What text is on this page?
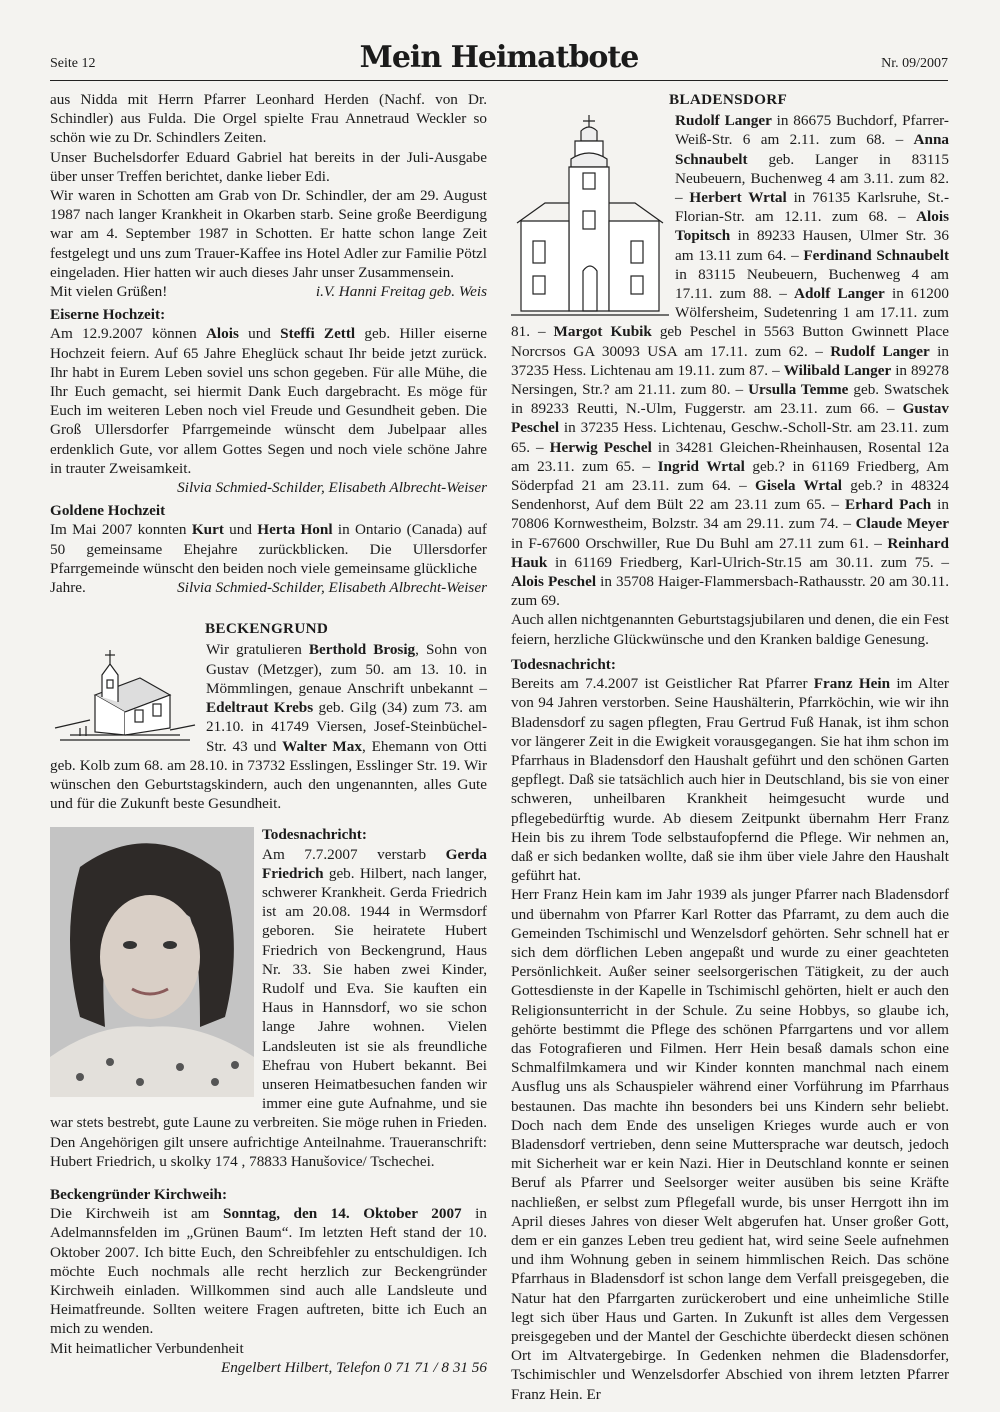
Seite 12	Mein Heimatbote	Nr. 09/2007

aus Nidda mit Herrn Pfarrer Leonhard Herden (Nachf. von Dr. Schindler) aus Fulda. Die Orgel spielte Frau Annetraud Weckler so schön wie zu Dr. Schindlers Zeiten.

Unser Buchelsdorfer Eduard Gabriel hat bereits in der Juli-Ausgabe über unser Treffen berichtet, danke lieber Edi.

Wir waren in Schotten am Grab von Dr. Schindler, der am 29. August 1987 nach langer Krankheit in Okarben starb. Seine große Beerdigung war am 4. September 1987 in Schotten. Er hatte schon lange Zeit festgelegt und uns zum Trauer-Kaffee ins Hotel Adler zur Familie Pötzl eingeladen. Hier hatten wir auch dieses Jahr unser Zusammensein.

Mit vielen Grüßen!	i.V. Hanni Freitag geb. Weis

Eiserne Hochzeit:

Am 12.9.2007 können Alois und Steffi Zettl geb. Hiller eiserne Hochzeit feiern. Auf 65 Jahre Eheglück schaut Ihr beide jetzt zurück. Ihr habt in Eurem Leben soviel uns schon gegeben. Für alle Mühe, die Ihr Euch gemacht, sei hiermit Dank Euch dargebracht. Es möge für Euch im weiteren Leben noch viel Freude und Gesundheit geben. Die Groß Ullersdorfer Pfarrgemeinde wünscht dem Jubelpaar alles erdenklich Gute, vor allem Gottes Segen und noch viele schöne Jahre in trauter Zweisamkeit.

Silvia Schmied-Schilder, Elisabeth Albrecht-Weiser

Goldene Hochzeit

Im Mai 2007 konnten Kurt und Herta Honl in Ontario (Canada) auf 50 gemeinsame Ehejahre zurückblicken. Die Ullersdorfer Pfarrgemeinde wünscht den beiden noch viele gemeinsame glückliche

Jahre.	Silvia Schmied-Schilder, Elisabeth Albrecht-Weiser

BECKENGRUND

Wir gratulieren Berthold Brosig, Sohn von Gustav (Metzger), zum 50. am 13. 10. in Mömmlingen, genaue Anschrift unbekannt – Edeltraut Krebs geb. Gilg (34) zum 73. am 21.10. in 41749 Viersen, Josef-Steinbüchel-Str. 43 und Walter Max, Ehemann von Otti geb. Kolb zum 68. am 28.10. in 73732 Esslingen, Esslinger Str. 19. Wir wünschen den Geburtstagskindern, auch den ungenannten, alles Gute und für die Zukunft beste Gesundheit.

Todesnachricht:

Am 7.7.2007 verstarb Gerda Friedrich geb. Hilbert, nach langer, schwerer Krankheit. Gerda Friedrich ist am 20.08. 1944 in Wermsdorf geboren. Sie heiratete Hubert Friedrich von Beckengrund, Haus Nr. 33. Sie haben zwei Kinder, Rudolf und Eva. Sie kauften ein Haus in Hannsdorf, wo sie schon lange Jahre wohnen. Vielen Landsleuten ist sie als freundliche Ehefrau von Hubert bekannt. Bei unseren Heimatbesuchen fanden wir immer eine gute Aufnahme, und sie war stets bestrebt, gute Laune zu verbreiten. Sie möge ruhen in Frieden. Den Angehörigen gilt unsere aufrichtige Anteilnahme. Traueranschrift: Hubert Friedrich, u skolky 174 , 78833 Hanušovice/ Tschechei.

Beckengründer Kirchweih:

Die Kirchweih ist am Sonntag, den 14. Oktober 2007 in Adelmannsfelden im „Grünen Baum“. Im letzten Heft stand der 10. Oktober 2007. Ich bitte Euch, den Schreibfehler zu entschuldigen. Ich möchte Euch nochmals alle recht herzlich zur Beckengründer Kirchweih einladen. Willkommen sind auch alle Landsleute und Heimatfreunde. Sollten weitere Fragen auftreten, bitte ich Euch an mich zu wenden.

Mit heimatlicher Verbundenheit

Engelbert Hilbert, Telefon 0 71 71 / 8 31 56

BLADENSDORF

Rudolf Langer in 86675 Buchdorf, Pfarrer-Weiß-Str. 6 am 2.11. zum 68. – Anna Schnaubelt geb. Langer in 83115 Neubeuern, Buchenweg 4 am 3.11. zum 82. – Herbert Wrtal in 76135 Karlsruhe, St.-Florian-Str. am 12.11. zum 68. – Alois Topitsch in 89233 Hausen, Ulmer Str. 36 am 13.11 zum 64. – Ferdinand Schnaubelt in 83115 Neubeuern, Buchenweg 4 am 17.11. zum 88. – Adolf Langer in 61200 Wölfersheim, Sudetenring 1 am 17.11. zum 81. – Margot Kubik geb Peschel in 5563 Button Gwinnett Place Norcrsos GA 30093 USA am 17.11. zum 62. – Rudolf Langer in 37235 Hess. Lichtenau am 19.11. zum 87. – Wilibald Langer in 89278 Nersingen, Str.? am 21.11. zum 80. – Ursulla Temme geb. Swatschek in 89233 Reutti, N.-Ulm, Fuggerstr. am 23.11. zum 66. – Gustav Peschel in 37235 Hess. Lichtenau, Geschw.-Scholl-Str. am 23.11. zum 65. – Herwig Peschel in 34281 Gleichen-Rheinhausen, Rosental 12a am 23.11. zum 65. – Ingrid Wrtal geb.? in 61169 Friedberg, Am Söderpfad 21 am 23.11. zum 64. – Gisela Wrtal geb.? in 48324 Sendenhorst, Auf dem Bült 22 am 23.11 zum 65. – Erhard Pach in 70806 Kornwestheim, Bolzstr. 34 am 29.11. zum 74. – Claude Meyer in F-67600 Orschwiller, Rue Du Buhl am 27.11 zum 61. – Reinhard Hauk in 61169 Friedberg, Karl-Ulrich-Str.15 am 30.11. zum 75. – Alois Peschel in 35708 Haiger-Flammersbach-Rathausstr. 20 am 30.11. zum 69.

Auch allen nichtgenannten Geburtstagsjubilaren und denen, die ein Fest feiern, herzliche Glückwünsche und den Kranken baldige Genesung.

Todesnachricht:

Bereits am 7.4.2007 ist Geistlicher Rat Pfarrer Franz Hein im Alter von 94 Jahren verstorben. Seine Haushälterin, Pfarrköchin, wie wir ihn Bladensdorf zu sagen pflegten, Frau Gertrud Fuß Hanak, ist ihm schon vor längerer Zeit in die Ewigkeit vorausgegangen. Sie hat ihm schon im Pfarrhaus in Bladensdorf den Haushalt geführt und den schönen Garten gepflegt. Daß sie tatsächlich auch hier in Deutschland, bis sie von einer schweren, unheilbaren Krankheit heimgesucht wurde und pflegebedürftig wurde. Ab diesem Zeitpunkt übernahm Herr Franz Hein bis zu ihrem Tode selbstaufopfernd die Pflege. Wir nehmen an, daß er sich bedanken wollte, daß sie ihm über viele Jahre den Haushalt geführt hat.

Herr Franz Hein kam im Jahr 1939 als junger Pfarrer nach Bladensdorf und übernahm von Pfarrer Karl Rotter das Pfarramt, zu dem auch die Gemeinden Tschimischl und Wenzelsdorf gehörten. Sehr schnell hat er sich dem dörflichen Leben angepaßt und wurde zu einer geachteten Persönlichkeit. Außer seiner seelsorgerischen Tätigkeit, zu der auch Gottesdienste in der Kapelle in Tschimischl gehörten, hielt er auch den Religionsunterricht in der Schule. Zu seine Hobbys, so glaube ich, gehörte bestimmt die Pflege des schönen Pfarrgartens und vor allem das Fotografieren und Filmen. Herr Hein besaß damals schon eine Schmalfilmkamera und wir Kinder konnten manchmal nach einem Ausflug uns als Schauspieler während einer Vorführung im Pfarrhaus bestaunen. Das machte ihn besonders bei uns Kindern sehr beliebt. Doch nach dem Ende des unseligen Krieges wurde auch er von Bladensdorf vertrieben, denn seine Muttersprache war deutsch, jedoch mit Sicherheit war er kein Nazi. Hier in Deutschland konnte er seinen Beruf als Pfarrer und Seelsorger weiter ausüben bis seine Kräfte nachließen, er selbst zum Pflegefall wurde, bis unser Herrgott ihn im April dieses Jahres von dieser Welt abgerufen hat. Unser großer Gott, dem er ein ganzes Leben treu gedient hat, wird seine Seele aufnehmen und ihm Wohnung geben in seinem himmlischen Reich. Das schöne Pfarrhaus in Bladensdorf ist schon lange dem Verfall preisgegeben, die Natur hat den Pfarrgarten zurückerobert und eine unheimliche Stille legt sich über Haus und Garten. In Zukunft ist alles dem Vergessen preisgegeben und der Mantel der Geschichte überdeckt diesen schönen Ort im Altvatergebirge. In Gedenken nehmen die Bladensdorfer, Tschimischler und Wenzelsdorfer Abschied von ihrem letzten Pfarrer Franz Hein. Er
